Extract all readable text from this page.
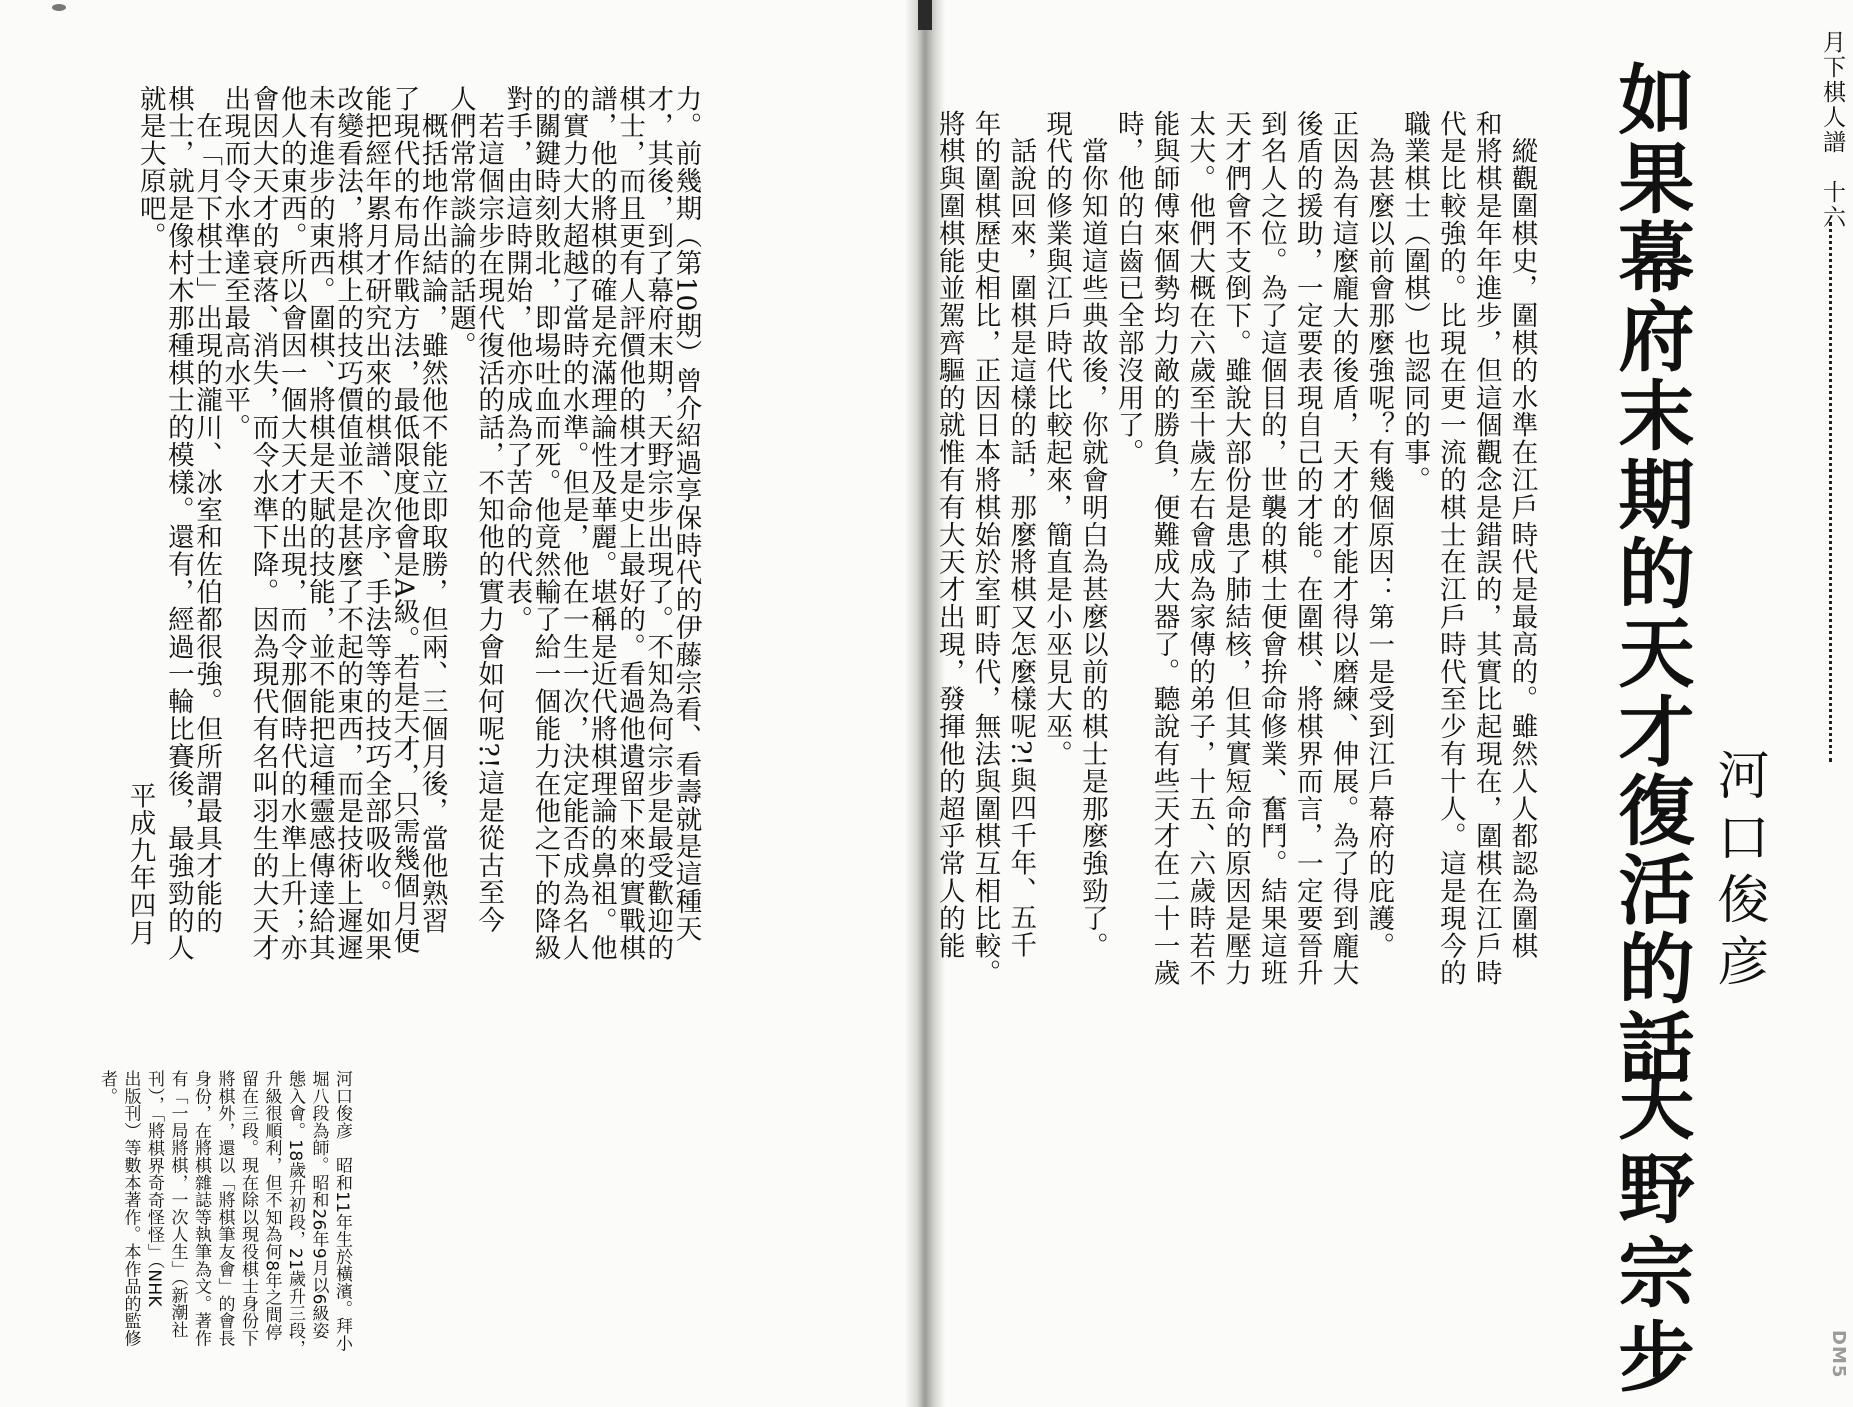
月下棋人譜　十六
如果幕府末期的天才復活的話
天野宗步
河口俊彦
　縱觀圍棋史，圍棋的水準在江戶時代是最高的。雖然人人都認為圍棋
和將棋是年年進步，但這個觀念是錯誤的，其實比起現在，圍棋在江戶時
代是比較強的。比現在更一流的棋士在江戶時代至少有十人。這是現今的
職業棋士（圍棋）也認同的事。
　為甚麼以前會那麼強呢？有幾個原因：第一是受到江戶幕府的庇護。
正因為有這麼龐大的後盾，天才的才能才得以磨練、伸展。為了得到龐大
後盾的援助，一定要表現自己的才能。在圍棋、將棋界而言，一定要晉升
到名人之位。為了這個目的，世襲的棋士便會拚命修業、奮鬥。結果這班
天才們會不支倒下。雖說大部份是患了肺結核，但其實短命的原因是壓力
太大。他們大概在六歲至十歲左右會成為家傳的弟子，十五、六歲時若不
能與師傅來個勢均力敵的勝負，便難成大器了。聽說有些天才在二十一歲
時，他的白齒已全部沒用了。
　當你知道這些典故後，你就會明白為甚麼以前的棋士是那麼強勁了。
現代的修業與江戶時代比較起來，簡直是小巫見大巫。
　話說回來，圍棋是這樣的話，那麼將棋又怎麼樣呢?!與四千年、五千
年的圍棋歷史相比，正因日本將棋始於室町時代，無法與圍棋互相比較。
將棋與圍棋能並駕齊驅的就惟有有大天才出現，發揮他的超乎常人的能
力。前幾期（第10期）曾介紹過享保時代的伊藤宗看、看壽就是這種天
才，其後，到了幕府末期，天野宗步出現了。不知為何宗步是最受歡迎的
棋士，而且更有人評價他的棋才是史上最好的。看過他遺留下來的實戰棋
譜，他的將棋的確是充滿理論性及華麗。堪稱是近代將棋理論的鼻祖。他
的實力大大超越了當時的水準。但是，他在一生一次，決定能否成為名人
的關鍵時刻敗北，即場吐血而死。他竟然輸了給一個能力在他之下的降級
對手，由這時開始，他亦成為了苦命的代表。
　若這個宗步在現代復活的話，不知他的實力會如何呢?!這是從古至今
人們常常談論的話題。
　概括地作出結論，雖然他不能立即取勝，但兩、三個月後，當他熟習
了現代的布局作戰方法，最低限度他會是A級。若是天才，只需幾個月便
能把經年累月才研究出來的棋譜、次序、手法等等的技巧全部吸收。如果
改變看法，將棋上的技巧價值並不是甚麼了不起的東西，而是技術上遲遲
未有進步的東西。圍棋、將棋是天賦的技能，並不能把這種靈感傳達給其
他人的東西。所以會因一個大天才的出現，而令那個時代的水準上升；亦
會因大天才的衰落、消失，而令水準下降。因為現代有名叫羽生的大天才
出現而令水準達至最高水平。
　在「月下棋士」出現的瀧川、冰室和佐伯都很強。但所謂最具才能的
棋士，就是像村木那種棋士的模樣。還有，經過一輪比賽後，最強勁的人
就是大原吧。
平成九年四月
河口俊彦　昭和11年生於橫濱。拜小
堀八段為師。昭和26年9月以6級姿
態入會。18歲升初段，21歲升三段，
升級很順利，但不知為何8年之間停
留在三段。現在除以現役棋士身份下
將棋外，還以「將棋筆友會」的會長
身份，在將棋雜誌等執筆為文。著作
有「一局將棋，一次人生」（新潮社
刊），「將棋界奇奇怪怪」（NHK
出版刊）等數本著作。本作品的監修
者。
DM5
